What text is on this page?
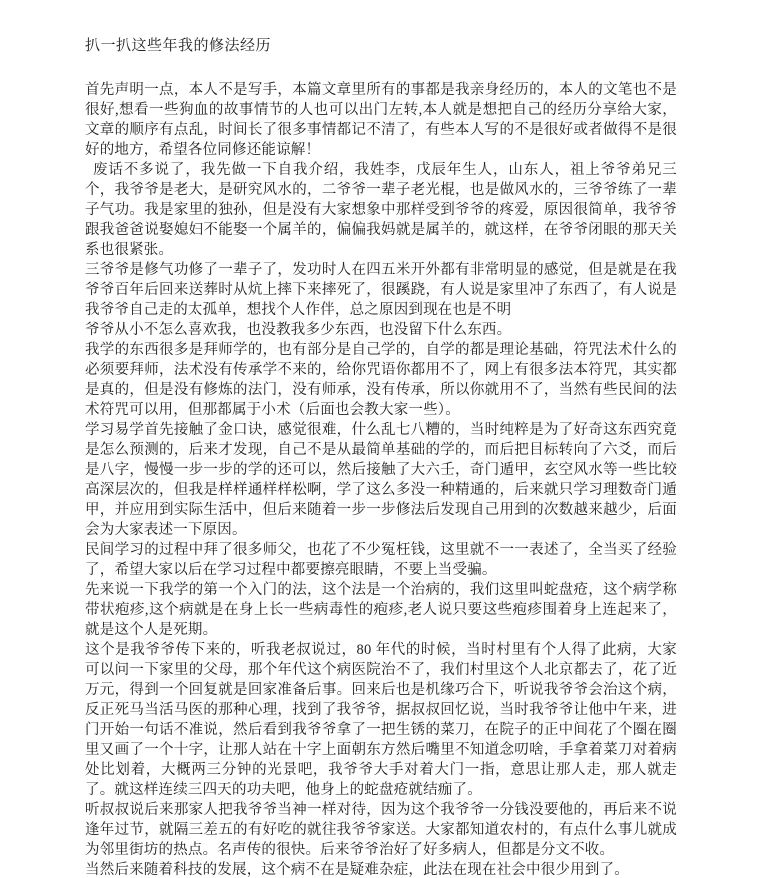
扒一扒这些年我的修法经历

首先声明一点，本人不是写手，本篇文章里所有的事都是我亲身经历的，本人的文笔也不是很好,想看一些狗血的故事情节的人也可以出门左转,本人就是想把自己的经历分享给大家，文章的顺序有点乱，时间长了很多事情都记不清了，有些本人写的不是很好或者做得不是很好的地方，希望各位同修还能谅解！

废话不多说了，我先做一下自我介绍，我姓李，戊辰年生人，山东人，祖上爷爷弟兄三个，我爷爷是老大，是研究风水的，二爷爷一辈子老光棍，也是做风水的，三爷爷练了一辈子气功。我是家里的独孙，但是没有大家想象中那样受到爷爷的疼爱，原因很简单，我爷爷跟我爸爸说娶媳妇不能娶一个属羊的，偏偏我妈就是属羊的，就这样，在爷爷闭眼的那天关系也很紧张。

三爷爷是修气功修了一辈子了，发功时人在四五米开外都有非常明显的感觉，但是就是在我爷爷百年后回来送葬时从炕上摔下来摔死了，很蹊跷，有人说是家里冲了东西了，有人说是我爷爷自己走的太孤单，想找个人作伴，总之原因到现在也是不明

爷爷从小不怎么喜欢我，也没教我多少东西，也没留下什么东西。

我学的东西很多是拜师学的，也有部分是自己学的，自学的都是理论基础，符咒法术什么的必须要拜师，法术没有传承学不来的，给你咒语你都用不了，网上有很多法本符咒，其实都是真的，但是没有修炼的法门，没有师承，没有传承，所以你就用不了，当然有些民间的法术符咒可以用，但那都属于小术（后面也会教大家一些）。

学习易学首先接触了金口诀，感觉很难，什么乱七八糟的，当时纯粹是为了好奇这东西究竟是怎么预测的，后来才发现，自己不是从最简单基础的学的，而后把目标转向了六爻，而后是八字，慢慢一步一步的学的还可以，然后接触了大六壬，奇门遁甲，玄空风水等一些比较高深层次的，但我是样样通样样松啊，学了这么多没一种精通的，后来就只学习理数奇门遁甲，并应用到实际生活中，但后来随着一步一步修法后发现自己用到的次数越来越少，后面会为大家表述一下原因。

民间学习的过程中拜了很多师父，也花了不少冤枉钱，这里就不一一表述了，全当买了经验了，希望大家以后在学习过程中都要擦亮眼睛，不要上当受骗。

先来说一下我学的第一个入门的法，这个法是一个治病的，我们这里叫蛇盘疮，这个病学称带状疱疹,这个病就是在身上长一些病毒性的疱疹,老人说只要这些疱疹围着身上连起来了，就是这个人是死期。

这个是我爷爷传下来的，听我老叔说过，80 年代的时候，当时村里有个人得了此病，大家可以问一下家里的父母，那个年代这个病医院治不了，我们村里这个人北京都去了，花了近万元，得到一个回复就是回家准备后事。回来后也是机缘巧合下，听说我爷爷会治这个病，反正死马当活马医的那种心理，找到了我爷爷，据叔叔回忆说，当时我爷爷让他中午来，进门开始一句话不准说，然后看到我爷爷拿了一把生锈的菜刀，在院子的正中间花了个圈在圈里又画了一个十字，让那人站在十字上面朝东方然后嘴里不知道念叨啥，手拿着菜刀对着病处比划着，大概两三分钟的光景吧，我爷爷大手对着大门一指，意思让那人走，那人就走了。就这样连续三四天的功夫吧，他身上的蛇盘疮就结痂了。

听叔叔说后来那家人把我爷爷当神一样对待，因为这个我爷爷一分钱没要他的，再后来不说逢年过节，就隔三差五的有好吃的就往我爷爷家送。大家都知道农村的，有点什么事儿就成为邻里街坊的热点。名声传的很快。后来爷爷治好了好多病人，但都是分文不收。

当然后来随着科技的发展，这个病不在是疑难杂症，此法在现在社会中很少用到了。
